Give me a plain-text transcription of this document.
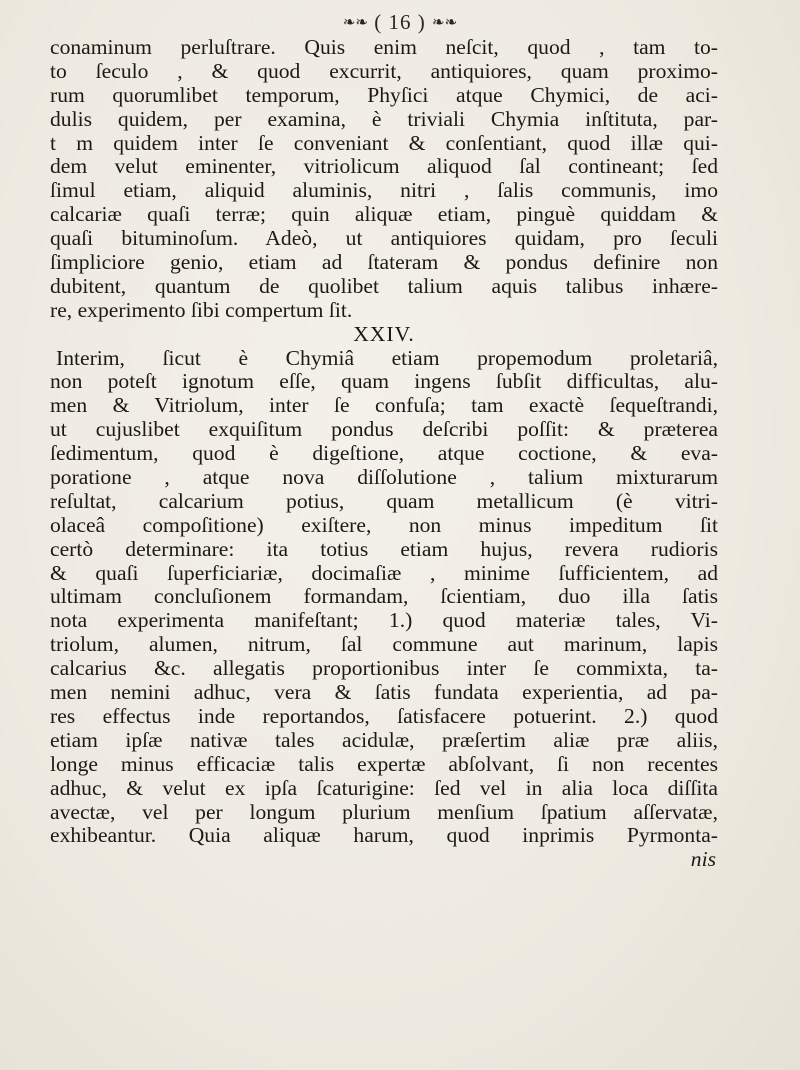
❧❧ ( 16 ) ❧❧
conaminum perluſtrare. Quis enim neſcit, quod , tam to-
to ſeculo , & quod excurrit, antiquiores, quam proximo-
rum quorumlibet temporum, Phyſici atque Chymici, de aci-
dulis quidem, per examina, è triviali Chymia inſtituta, par-
t m quidem inter ſe conveniant & conſentiant, quod illæ qui-
dem velut eminenter, vitriolicum aliquod ſal contineant; ſed
ſimul etiam, aliquid aluminis, nitri , ſalis communis, imo
calcariæ quaſi terræ; quin aliquæ etiam, pinguè quiddam &
quaſi bituminoſum. Adeò, ut antiquiores quidam, pro ſeculi
ſimpliciore genio, etiam ad ſtateram & pondus definire non
dubitent, quantum de quolibet talium aquis talibus inhære-
re, experimento ſibi compertum ſit.
XXIV.
Interim, ſicut è Chymiâ etiam propemodum proletariâ,
non poteſt ignotum eſſe, quam ingens ſubſit difficultas, alu-
men & Vitriolum, inter ſe confuſa; tam exactè ſequeſtrandi,
ut cujuslibet exquiſitum pondus deſcribi poſſit: & præterea
ſedimentum, quod è digeſtione, atque coctione, & eva-
poratione , atque nova diſſolutione , talium mixturarum
reſultat, calcarium potius, quam metallicum (è vitri-
olaceâ compoſitione) exiſtere, non minus impeditum ſit
certò determinare: ita totius etiam hujus, revera rudioris
& quaſi ſuperficiariæ, docimaſiæ , minime ſufficientem, ad
ultimam concluſionem formandam, ſcientiam, duo illa ſatis
nota experimenta manifeſtant; 1.) quod materiæ tales, Vi-
triolum, alumen, nitrum, ſal commune aut marinum, lapis
calcarius &c. allegatis proportionibus inter ſe commixta, ta-
men nemini adhuc, vera & ſatis fundata experientia, ad pa-
res effectus inde reportandos, ſatisfacere potuerint. 2.) quod
etiam ipſæ nativæ tales acidulæ, præſertim aliæ præ aliis,
longe minus efficaciæ talis expertæ abſolvant, ſi non recentes
adhuc, & velut ex ipſa ſcaturigine: ſed vel in alia loca diſſita
avectæ, vel per longum plurium menſium ſpatium aſſervatæ,
exhibeantur. Quia aliquæ harum, quod inprimis Pyrmonta-
nis
